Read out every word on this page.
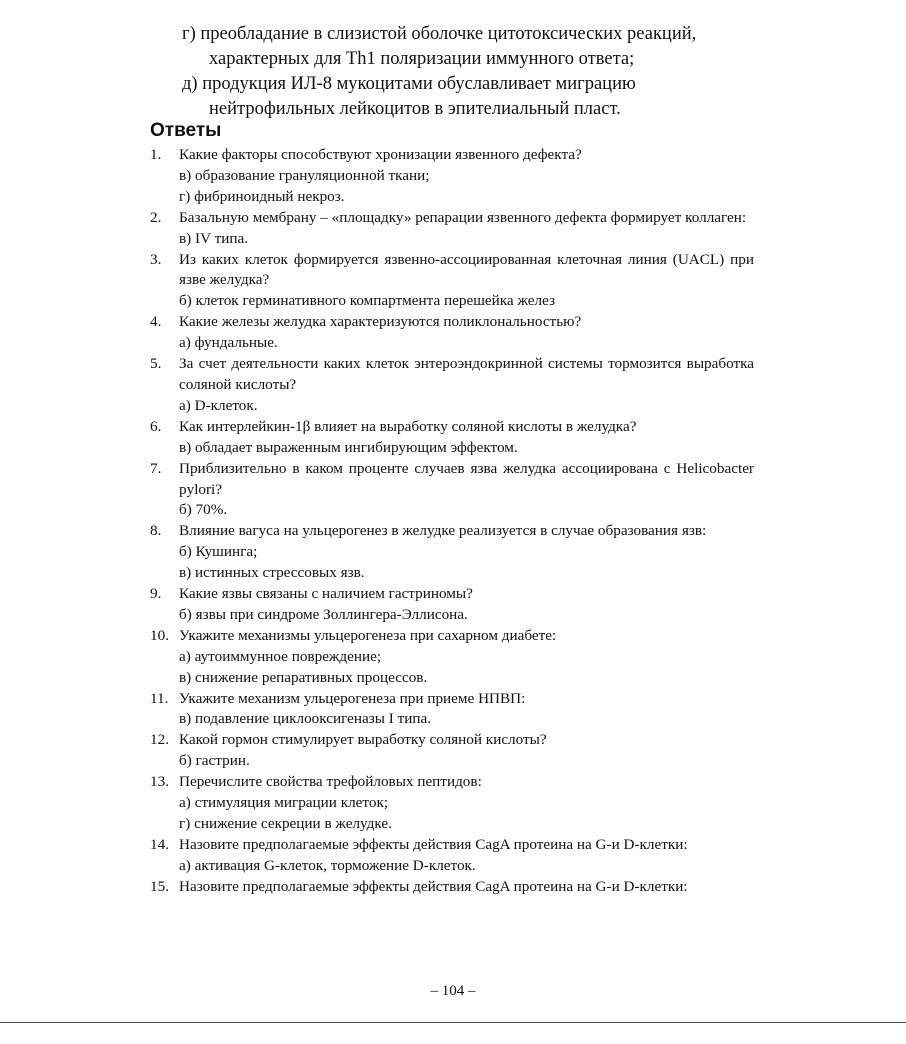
г) преобладание в слизистой оболочке цитотоксических реакций, характерных для Th1 поляризации иммунного ответа;
д) продукция ИЛ-8 мукоцитами обуславливает миграцию нейтрофильных лейкоцитов в эпителиальный пласт.
Ответы
1.	Какие факторы способствуют хронизации язвенного дефекта?
в) образование грануляционной ткани;
г) фибриноидный некроз.
2.	Базальную мембрану – «площадку» репарации язвенного дефекта формирует коллаген:
в) IV типа.
3.	Из каких клеток формируется язвенно-ассоциированная клеточная линия (UACL) при язве желудка?
б) клеток герминативного компартмента перешейка желез
4.	Какие железы желудка характеризуются поликлональностью?
а) фундальные.
5.	За счет деятельности каких клеток энтероэндокринной системы тормозится выработка соляной кислоты?
а) D-клеток.
6.	Как интерлейкин-1β влияет на выработку соляной кислоты в желудка?
в) обладает выраженным ингибирующим эффектом.
7.	Приблизительно в каком проценте случаев язва желудка ассоциирована с Helicobacter pylori?
б) 70%.
8.	Влияние вагуса на ульцерогенез в желудке реализуется в случае образования язв:
б) Кушинга;
в) истинных стрессовых язв.
9.	Какие язвы связаны с наличием гастриномы?
б) язвы при синдроме Золлингера-Эллисона.
10. Укажите механизмы ульцерогенеза при сахарном диабете:
а) аутоиммунное повреждение;
в) снижение репаративных процессов.
11. Укажите механизм ульцерогенеза при приеме НПВП:
в) подавление циклооксигеназы I типа.
12. Какой гормон стимулирует выработку соляной кислоты?
б) гастрин.
13. Перечислите свойства трефойловых пептидов:
а) стимуляция миграции клеток;
г) снижение секреции в желудке.
14. Назовите предполагаемые эффекты действия CagA протеина на G-и D-клетки:
а) активация G-клеток, торможение D-клеток.
15. Назовите предполагаемые эффекты действия CagA протеина на G-и D-клетки:
– 104 –
